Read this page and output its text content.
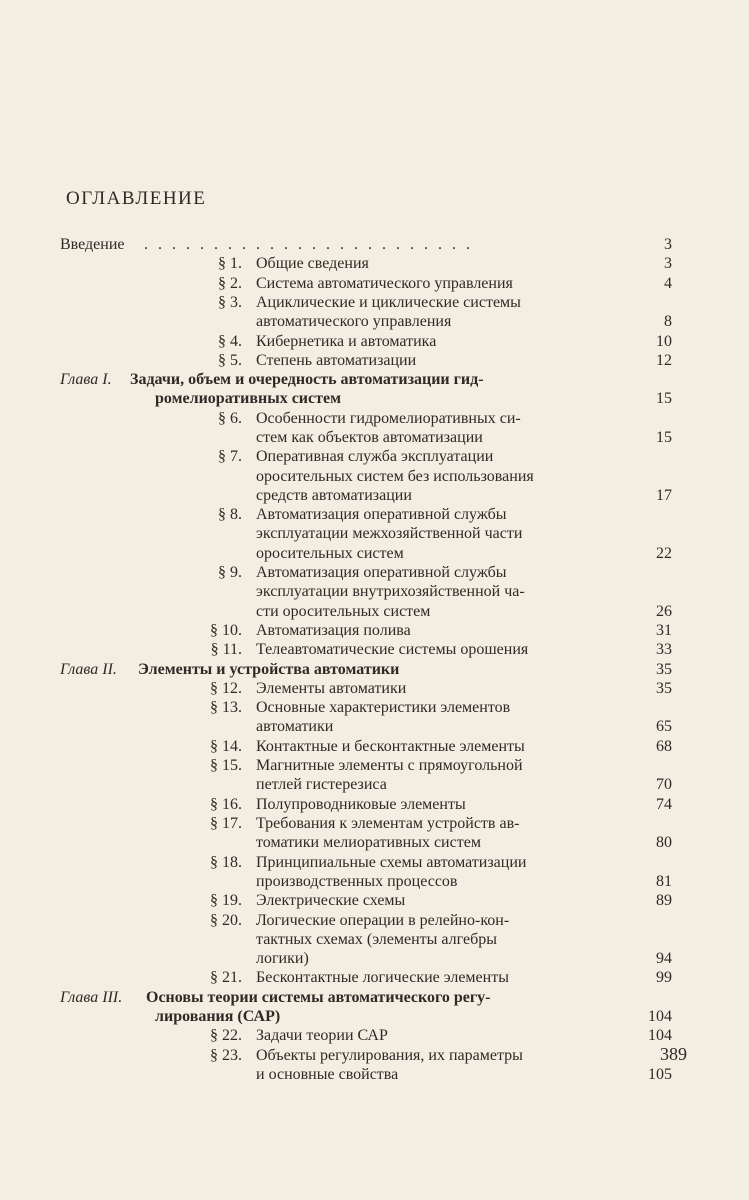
ОГЛАВЛЕНИЕ
Введение . . . . . . . . . . . . . . . . . . . . . . . .	3
§ 1. Общие сведения	3
§ 2. Система автоматического управления	4
§ 3. Ациклические и циклические системы
автоматического управления	8
§ 4. Кибернетика и автоматика	10
§ 5. Степень автоматизации	12
Глава I. Задачи, объем и очередность автоматизации гид-
ромелиоративных систем	15
§ 6. Особенности гидромелиоративных си-
стем как объектов автоматизации	15
§ 7. Оперативная служба эксплуатации
оросительных систем без использования
средств автоматизации	17
§ 8. Автоматизация оперативной службы
эксплуатации межхозяйственной части
оросительных систем	22
§ 9. Автоматизация оперативной службы
эксплуатации внутрихозяйственной ча-
сти оросительных систем	26
§ 10. Автоматизация полива	31
§ 11. Телеавтоматические системы орошения	33
Глава II. Элементы и устройства автоматики	35
§ 12. Элементы автоматики	35
§ 13. Основные характеристики элементов
автоматики	65
§ 14. Контактные и бесконтактные элементы	68
§ 15. Магнитные элементы с прямоугольной
петлей гистерезиса	70
§ 16. Полупроводниковые элементы	74
§ 17. Требования к элементам устройств ав-
томатики мелиоративных систем	80
§ 18. Принципиальные схемы автоматизации
производственных процессов	81
§ 19. Электрические схемы	89
§ 20. Логические операции в релейно-кон-
тактных схемах (элементы алгебры
логики)	94
§ 21. Бесконтактные логические элементы	99
Глава III. Основы теории системы автоматического регу-
лирования (САР)	104
§ 22. Задачи теории САР	104
§ 23. Объекты регулирования, их параметры
и основные свойства	105
389
